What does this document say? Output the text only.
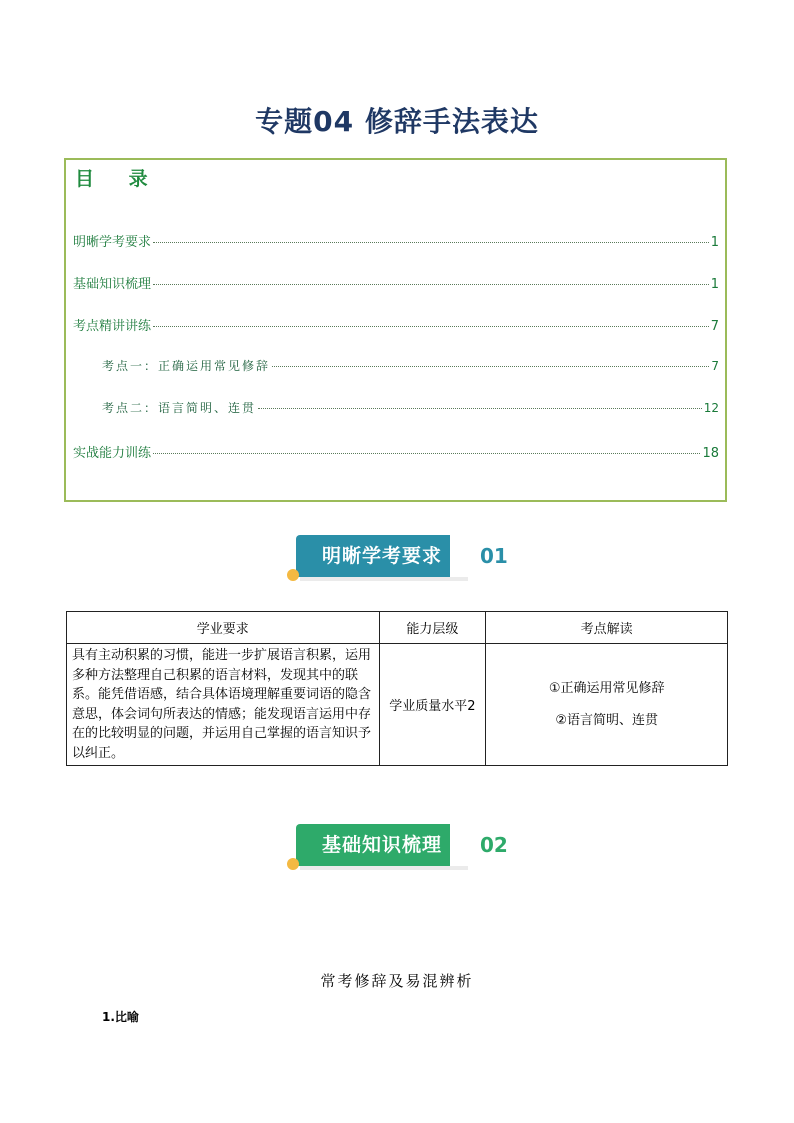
专题04 修辞手法表达
目 录
明晰学考要求	1
基础知识梳理	1
考点精讲讲练	7
考点一：正确运用常见修辞	7
考点二：语言简明、连贯	12
实战能力训练	18
明晰学考要求	01
学业要求	能力层级	考点解读
具有主动积累的习惯，能进一步扩展语言积累，运用多种方法整理自己积累的语言材料，发现其中的联系。能凭借语感，结合具体语境理解重要词语的隐含意思，体会词句所表达的情感；能发现语言运用中存在的比较明显的问题，并运用自己掌握的语言知识予以纠正。	学业质量水平2	①正确运用常见修辞
②语言简明、连贯
基础知识梳理	02
常考修辞及易混辨析
1.比喻
